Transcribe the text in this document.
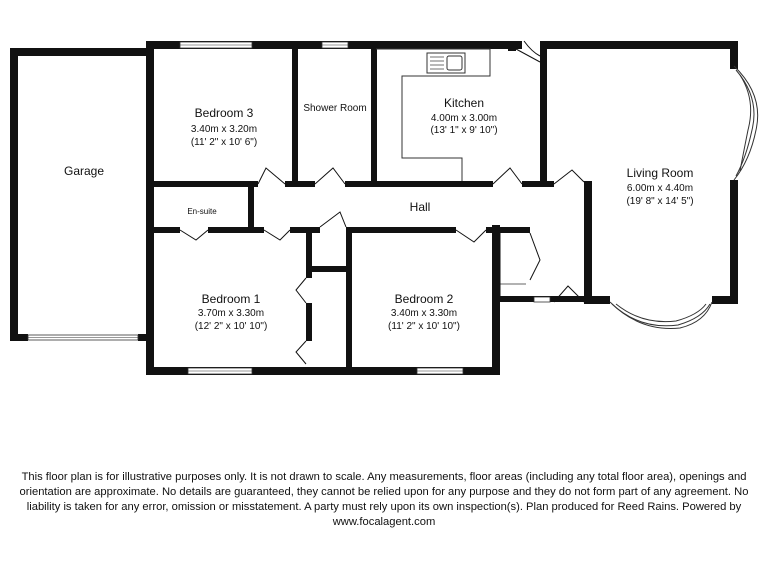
Garage
Bedroom 3
3.40m x 3.20m
(11' 2" x 10' 6")
Shower Room	Kitchen
4.00m x 3.00m
(13' 1" x 9' 10")
Living Room
6.00m x 4.40m
(19' 8" x 14' 5")
En-suite	Hall
Bedroom 1
3.70m x 3.30m
(12' 2" x 10' 10")
Bedroom 2
3.40m x 3.30m
(11' 2" x 10' 10")

This floor plan is for illustrative purposes only. It is not drawn to scale. Any measurements, floor areas (including any total floor area), openings and orientation are approximate. No details are guaranteed, they cannot be relied upon for any purpose and they do not form part of any agreement. No liability is taken for any error, omission or misstatement. A party must rely upon its own inspection(s). Plan produced for Reed Rains. Powered by www.focalagent.com
